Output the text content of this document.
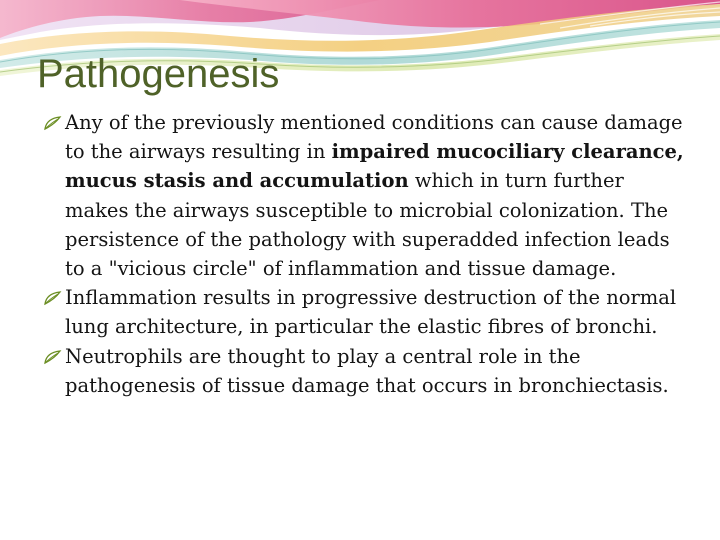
Pathogenesis
Any of the previously mentioned conditions can cause damage to the airways resulting in impaired mucociliary clearance, mucus stasis and accumulation which in turn further makes the airways susceptible to microbial colonization. The persistence of the pathology with superadded infection leads to a "vicious circle" of inflammation and tissue damage.
Inflammation results in progressive destruction of the normal lung architecture, in particular the elastic fibres of bronchi.
Neutrophils are thought to play a central role in the pathogenesis of tissue damage that occurs in bronchiectasis.
